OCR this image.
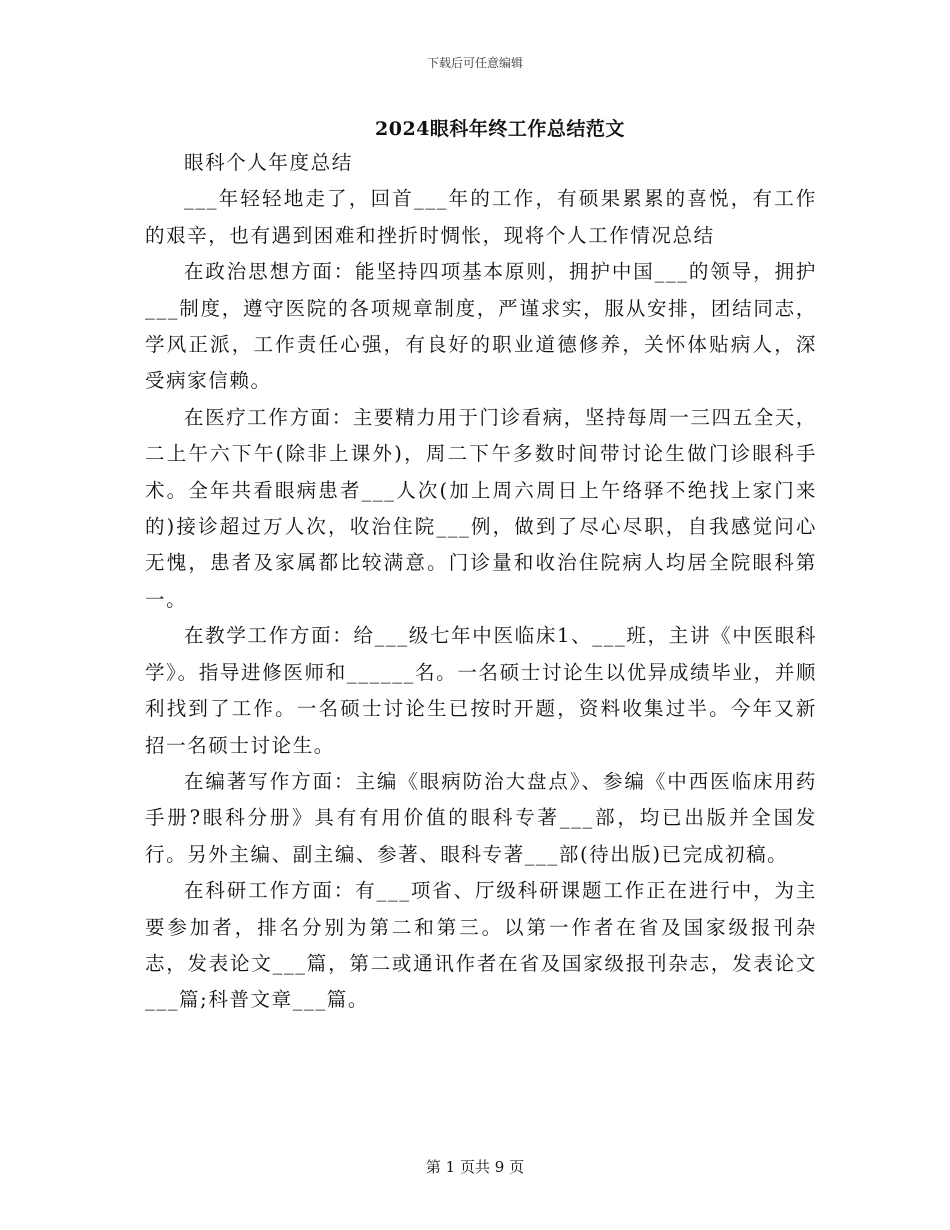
下载后可任意编辑
2024眼科年终工作总结范文

眼科个人年度总结

___年轻轻地走了，回首___年的工作，有硕果累累的喜悦，有工作的艰辛，也有遇到困难和挫折时惆怅，现将个人工作情况总结

在政治思想方面：能坚持四项基本原则，拥护中国___的领导，拥护___制度，遵守医院的各项规章制度，严谨求实，服从安排，团结同志，学风正派，工作责任心强，有良好的职业道德修养，关怀体贴病人，深受病家信赖。

在医疗工作方面：主要精力用于门诊看病，坚持每周一三四五全天，二上午六下午(除非上课外)，周二下午多数时间带讨论生做门诊眼科手术。全年共看眼病患者___人次(加上周六周日上午络驿不绝找上家门来的)接诊超过万人次，收治住院___例，做到了尽心尽职，自我感觉问心无愧，患者及家属都比较满意。门诊量和收治住院病人均居全院眼科第一。

在教学工作方面：给___级七年中医临床1、___班，主讲《中医眼科学》。指导进修医师和______名。一名硕士讨论生以优异成绩毕业，并顺利找到了工作。一名硕士讨论生已按时开题，资料收集过半。今年又新招一名硕士讨论生。

在编著写作方面：主编《眼病防治大盘点》、参编《中西医临床用药手册?眼科分册》具有有用价值的眼科专著___部，均已出版并全国发行。另外主编、副主编、参著、眼科专著___部(待出版)已完成初稿。

在科研工作方面：有___项省、厅级科研课题工作正在进行中，为主要参加者，排名分别为第二和第三。以第一作者在省及国家级报刊杂志，发表论文___篇，第二或通讯作者在省及国家级报刊杂志，发表论文___篇;科普文章___篇。

第 1 页共 9 页
